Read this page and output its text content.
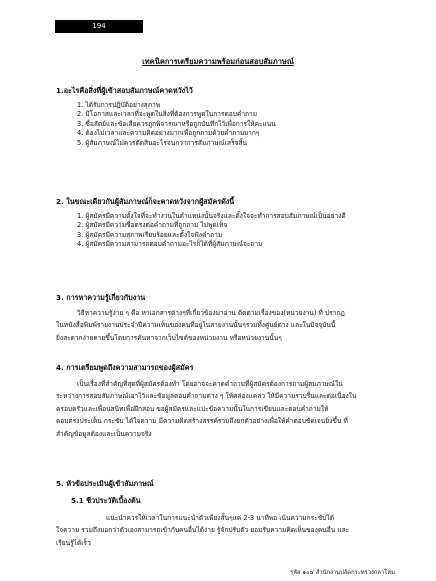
194
เทคนิคการเตรียมความพร้อมก่อนสอบสัมภาษณ์
1.อะไรคือสิ่งที่ผู้เข้าสอบสัมภาษณ์คาดหวังไว้
1. ได้รับการปฏิบัติอย่างสุภาพ
2. มีโอกาสและเวลาที่จะพูดในสิ่งที่ต้องการพูดในการตอบคำถาม
3. ซื่อสัตย์และข้อเสียควรถูกพิจารณาหรือถูกบันทึกไว้เพื่อการให้คะแนน
4. ต้องไม่เวลาและความคิดอย่างมากเพื่อถูกถามด้วยคำถามยากๆ
5. ผู้สัมภาษณ์ไม่ควรตัดสินอะไรจนกว่าการสัมภาษณ์เสร็จสิ้น
2. ในขณะเดียวกันผู้สัมภาษณ์ก็จะคาดหวังจากผู้สมัครดังนี้
1. ผู้สมัครมีความตั้งใจที่จะทำงานในตำแหน่งนั้นจริงและตั้งใจจะทำการสอบสัมภาษณ์เป็นอย่างดี
2. ผู้สมัครมีความซื่อตรงต่อคำถามที่ถูกถาม ไม่พูดเท็จ
3. ผู้สมัครมีความสุภาพเรียบร้อยและตั้งใจฟังคำถาม
4. ผู้สมัครมีความสามารถตอบคำถามอะไรก็ได้ที่ผู้สัมภาษณ์จะถาม
3. การหาความรู้เกี่ยวกับงาน
วิธีหาความรู้ง่าย ๆ คือ หาเอกสารต่างๆที่เกี่ยวข้องมาอ่าน ติดตามเรื่องของ(หน่วยงาน) ที่ ปรากฏ
ในหนังสือพิมพ์รายงานประจำปีความเห็นของคนที่อยู่ในสายงานนั้นๆรวมทั้งศูนย์ต่าง และในปัจจุบันนี้
ยิ่งสะดวกง่ายดายขึ้นโดยการค้นหาจากเว็บไซต์ของหน่วยงาน หรือหน่วยงานนั้นๆ
4. การเตรียมพูดถึงความสามารถของผู้สมัคร
เป็นเรื่องที่สำคัญที่สุดที่ผู้สมัครต้องทำ โดยอาจจะคาดคำถามที่ผู้สมัครต้องการถามผู้สมภาษณ์ใน
ระหว่างการสอบสัมภาษณ์เอาไว้และข้อมูลตอบคำถามต่าง ๆ ให้คล่องแคล่ว ให้มีความราบรื่นและต่อเนื่องใน
ครอบครัวและเพื่อนสนิทเพื่อฝึกสอบ ขอผู้สมัครและแปะข้อความนั้นในการเขียนและตอบคำถามให้
ตอบตรงประเด็น กระชับ ได้ใจความ มีความคิดสร้างสรรค์รวมถึงยกตัวอย่างเพื่อให้คำตอบชัดเจนยิ่งขึ้น ที่
สำคัญข้อมูลต้องและเป็นความจริง
5. หัวข้อประเมินผู้เข้าสัมภาษณ์
5.1 ชีวประวัติเบื้องต้น
แนะนำควรให้เวลาในการแนะนำตัวเพียงสั้นๆแค่ 2-3 นาทีพอ เน้นความกระชับได้
ใจความ รวมถึงบอกว่าตัวเองสามารถเข้ากับคนอื่นได้ง่าย รู้จักปรับตัว ยอมรับความคิดเห็นของคนอื่น และ
เรียนรู้ได้เร็ว
รหัส ๑๐๔ สำนักงานปลัดกระทรวงกลาโหม
